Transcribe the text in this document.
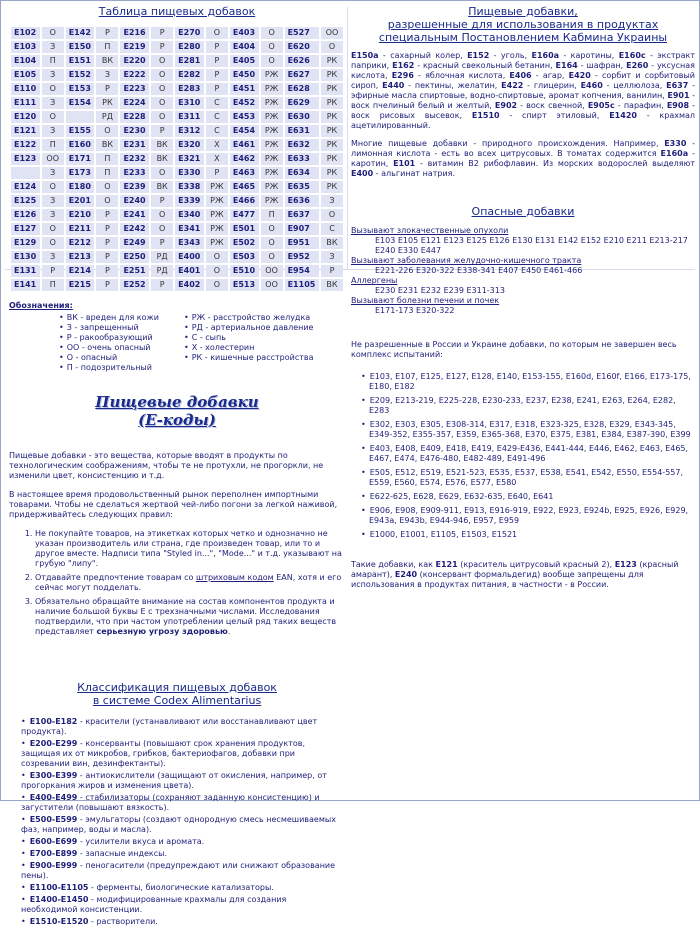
Таблица пищевых добавок
E102	О	E142	Р	E216	Р	E270	О	E403	О	E527	ОО
E103	З	E150	П	E219	Р	E280	Р	E404	О	E620	О
E104	П	E151	ВК	E220	О	E281	Р	E405	О	E626	РК
E105	З	E152	З	E222	О	E282	Р	E450	РЖ	E627	РК
E110	О	E153	Р	E223	О	E283	Р	E451	РЖ	E628	РК
E111	З	E154	РК	E224	О	E310	С	E452	РЖ	E629	РК
E120	О		РД	E228	О	E311	С	E453	РЖ	E630	РК
E121	З	E155	О	E230	Р	E312	С	E454	РЖ	E631	РК
E122	П	E160	ВК	E231	ВК	E320	Х	E461	РЖ	E632	РК
E123	ОО	E171	П	E232	ВК	E321	Х	E462	РЖ	E633	РК
	З	E173	П	E233	О	E330	Р	E463	РЖ	E634	РК
E124	О	E180	О	E239	ВК	E338	РЖ	E465	РЖ	E635	РК
E125	З	E201	О	E240	Р	E339	РЖ	E466	РЖ	E636	З
E126	З	E210	Р	E241	О	E340	РЖ	E477	П	E637	О
E127	О	E211	Р	E242	О	E341	РЖ	E501	О	E907	С
E129	О	E212	Р	E249	Р	E343	РЖ	E502	О	E951	ВК
E130	З	E213	Р	E250	РД	E400	О	E503	О	E952	З
E131	Р	E214	Р	E251	РД	E401	О	E510	ОО	E954	Р
E141	П	E215	Р	E252	Р	E402	О	E513	ОО	E1105	ВК
Обозначения:
• ВК - вреден для кожи
• З - запрещенный
• Р - ракообразующий
• ОО - очень опасный
• О - опасный
• П - подозрительный
• РЖ - расстройство желудка
• РД - артериальное давление
• С - сыпь
• Х - холестерин
• РК - кишечные расстройства
Пищевые добавки
(Е-коды)

Пищевые добавки - это вещества, которые вводят в продукты по технологическим соображениям, чтобы те не протухли, не прогоркли, не изменили цвет, консистенцию и т.д.

В настоящее время продовольственный рынок переполнен импортными товарами. Чтобы не сделаться жертвой чей-либо погони за легкой наживой, придерживайтесь следующих правил:

1. Не покупайте товаров, на этикетках которых четко и однозначно не указан производитель или страна, где произведен товар, или то и другое вместе. Надписи типа "Styled in...", "Mode..." и т.д. указывают на грубую "липу".
2. Отдавайте предпочтение товарам со штриховым кодом EAN, хотя и его сейчас могут подделать.
3. Обязательно обращайте внимание на состав компонентов продукта и наличие большой буквы Е с трехзначными числами. Исследования подтвердили, что при частом употреблении целый ряд таких веществ представляет серьезную угрозу здоровью.
Классификация пищевых добавок
в системе Codex Alimentarius
• E100-E182 - красители (устанавливают или восстанавливают цвет продукта).
• E200-E299 - консерванты (повышают срок хранения продуктов, защищая их от микробов, грибков, бактериофагов, добавки при созревании вин, дезинфектанты).
• E300-E399 - антиокислители (защищают от окисления, например, от прогоркания жиров и изменения цвета).
• E400-E499 - стабилизаторы (сохраняют заданную консистенцию) и загустители (повышают вязкость).
• E500-E599 - эмульгаторы (создают однородную смесь несмешиваемых фаз, например, воды и масла).
• E600-E699 - усилители вкуса и аромата.
• E700-E899 - запасные индексы.
• E900-E999 - пеногасители (предупреждают или снижают образование пены).
• E1100-E1105 - ферменты, биологические катализаторы.
• E1400-E1450 - модифицированные крахмалы для создания необходимой консистенции.
• E1510-E1520 - растворители.
Пищевые добавки,
разрешенные для использования в продуктах
специальным Постановлением Кабмина Украины
E150a - сахарный колер, E152 - уголь, E160a - каротины, E160c - экстракт паприки, E162 - красный свекольный бетанин, E164 - шафран, E260 - уксусная кислота, E296 - яблочная кислота, E406 - агар, E420 - сорбит и сорбитовый сироп, E440 - пектины, желатин, E422 - глицерин, E460 - целлюлоза, E637 - эфирные масла спиртовые, водно-спиртовые, аромат копчения, ванилин, E901 - воск пчелиный белый и желтый, E902 - воск свечной, E905c - парафин, E908 - воск рисовых высевок, E1510 - спирт этиловый, E1420 - крахмал ацетилированный.
Многие пищевые добавки - природного происхождения. Например, E330 - лимонная кислота - есть во всех цитрусовых. В томатах содержится E160a - каротин, E101 - витамин B2 рибофлавин. Из морских водорослей выделяют E400 - альгинат натрия.
Опасные добавки
Вызывают злокачественные опухоли
E103 E105 E121 E123 E125 E126 E130 E131 E142 E152 E210 E211 E213-217 E240 E330 E447
Вызывают заболевания желудочно-кишечного тракта
E221-226 E320-322 E338-341 E407 E450 E461-466
Аллергены
E230 E231 E232 E239 E311-313
Вызывают болезни печени и почек
E171-173 E320-322
Не разрешенные в России и Украине добавки, по которым не завершен весь комплекс испытаний:
• E103, E107, E125, E127, E128, E140, E153-155, E160d, E160f, E166, E173-175, E180, E182
• E209, E213-219, E225-228, E230-233, E237, E238, E241, E263, E264, E282, E283
• E302, E303, E305, E308-314, E317, E318, E323-325, E328, E329, E343-345, E349-352, E355-357, E359, E365-368, E370, E375, E381, E384, E387-390, E399
• E403, E408, E409, E418, E419, E429-E436, E441-444, E446, E462, E463, E465, E467, E474, E476-480, E482-489, E491-496
• E505, E512, E519, E521-523, E535, E537, E538, E541, E542, E550, E554-557, E559, E560, E574, E576, E577, E580
• E622-625, E628, E629, E632-635, E640, E641
• E906, E908, E909-911, E913, E916-919, E922, E923, E924b, E925, E926, E929, E943a, E943b, E944-946, E957, E959
• E1000, E1001, E1105, E1503, E1521
Такие добавки, как E121 (краситель цитрусовый красный 2), E123 (красный амарант), E240 (консервант формальдегид) вообще запрещены для использования в продуктах питания, в частности - в России.
